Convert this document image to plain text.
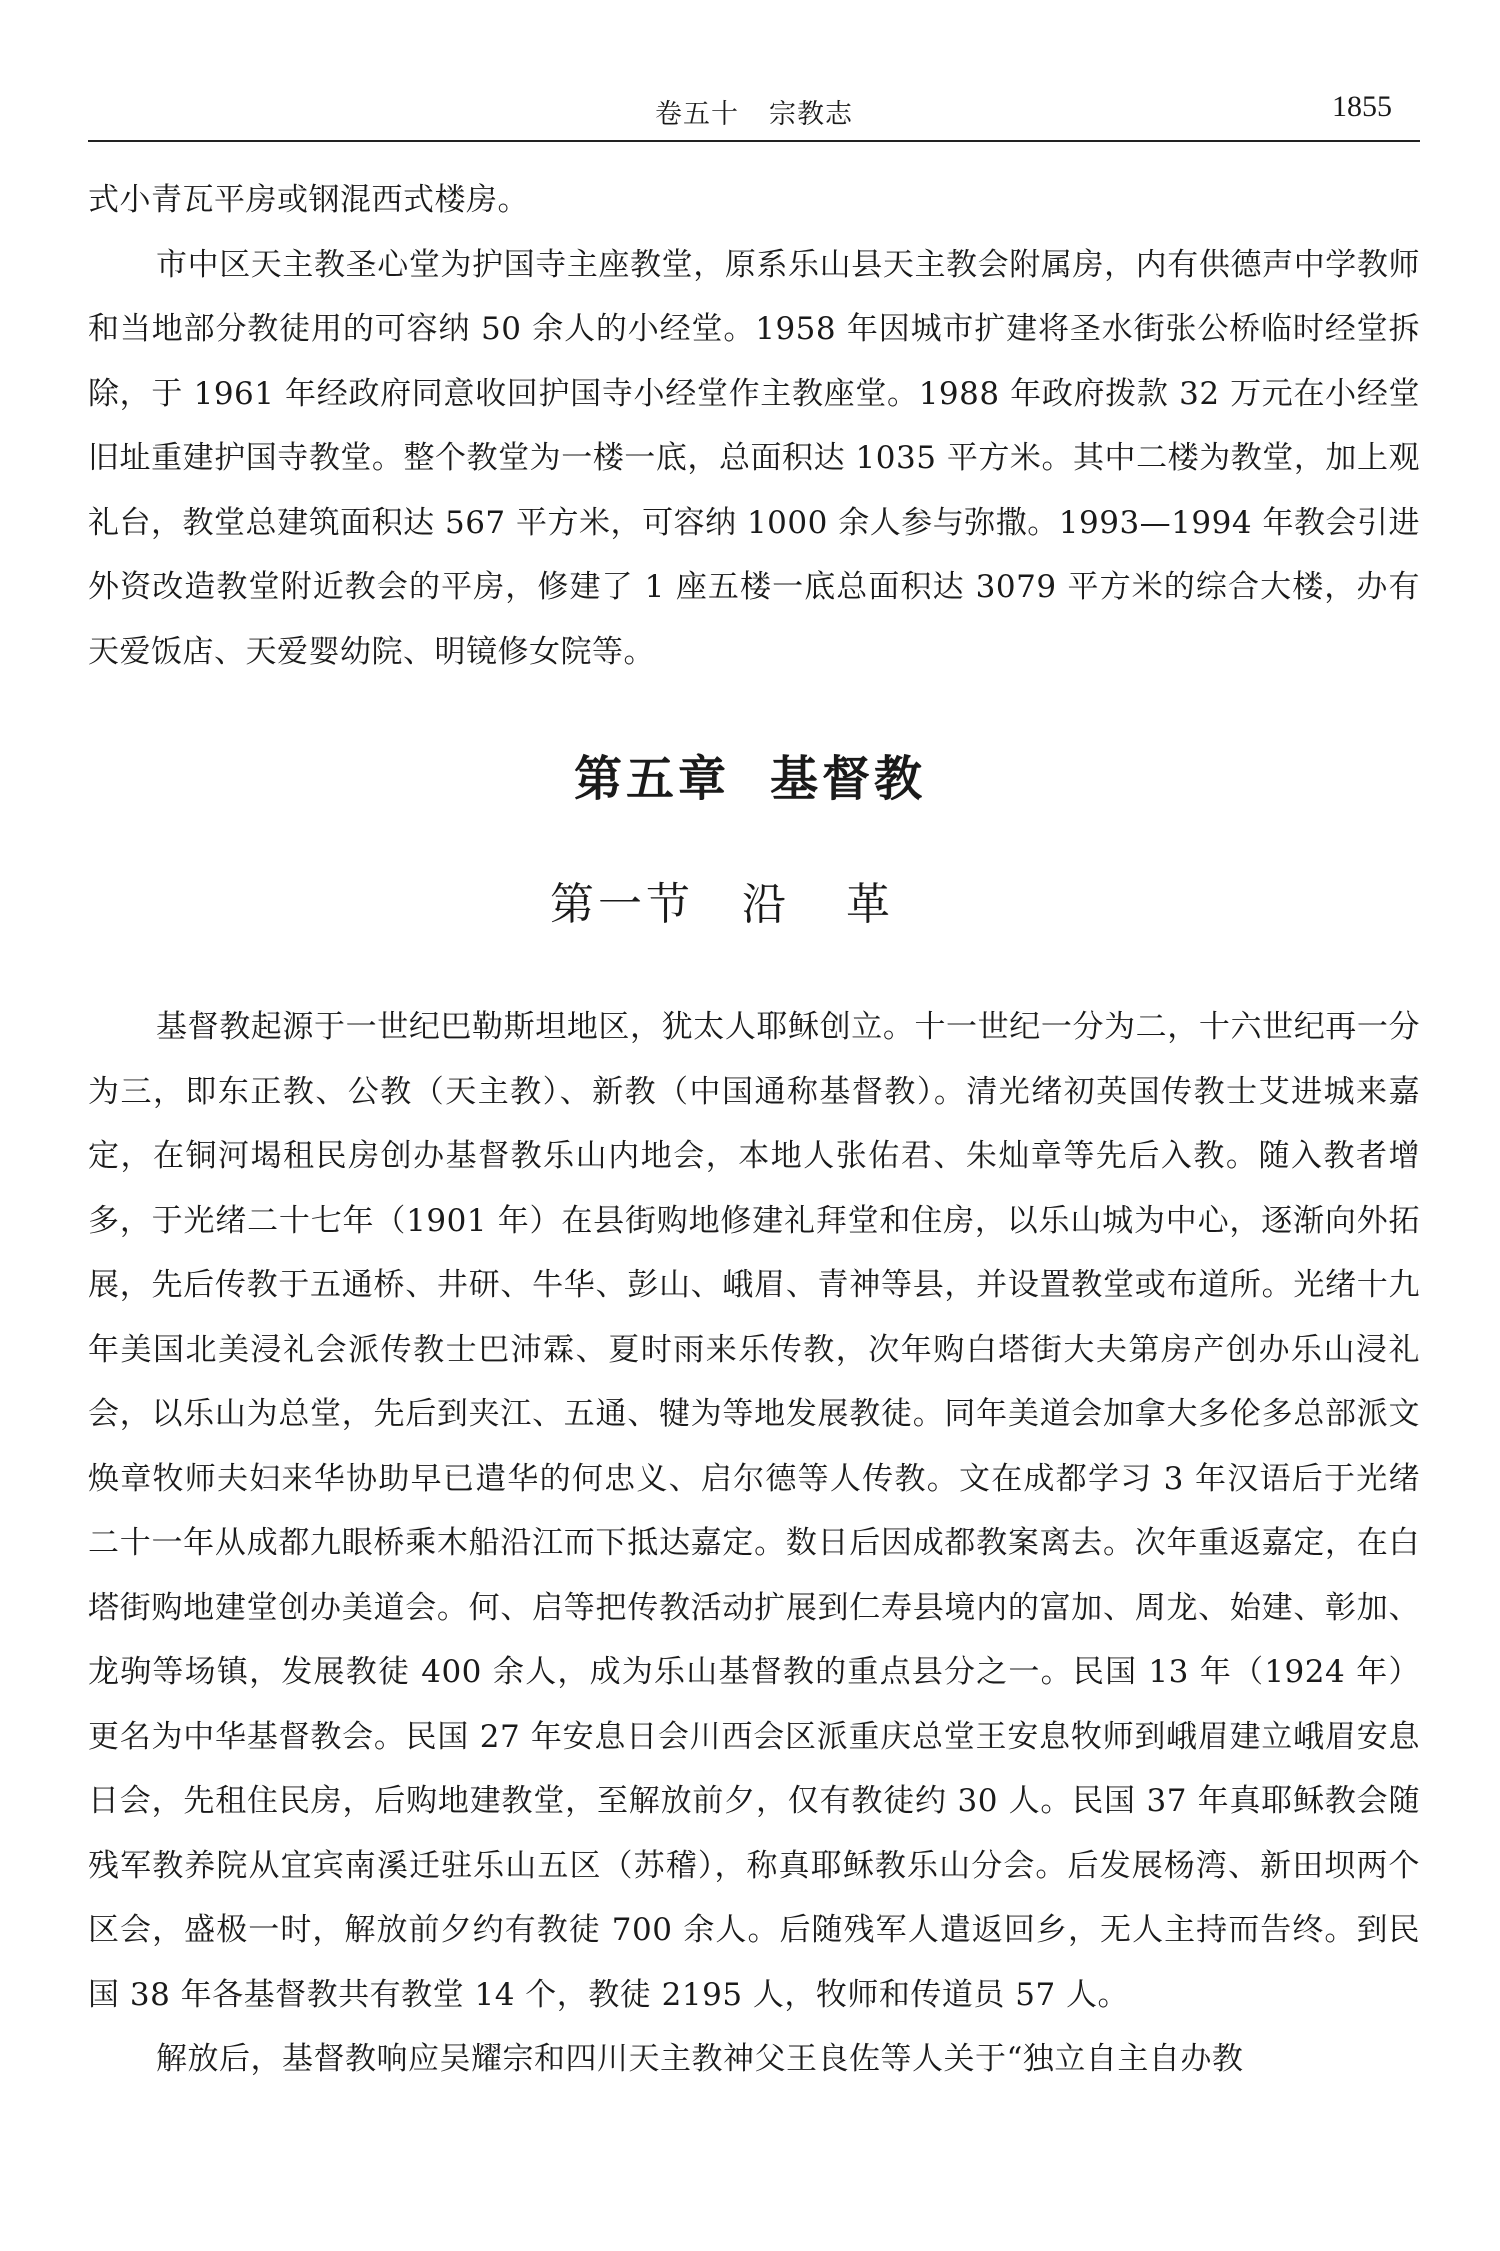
卷五十 宗教志	1855

式小青瓦平房或钢混西式楼房。

市中区天主教圣心堂为护国寺主座教堂，原系乐山县天主教会附属房，内有供德声中学教师和当地部分教徒用的可容纳 50 余人的小经堂。1958 年因城市扩建将圣水街张公桥临时经堂拆除，于 1961 年经政府同意收回护国寺小经堂作主教座堂。1988 年政府拨款 32 万元在小经堂旧址重建护国寺教堂。整个教堂为一楼一底，总面积达 1035 平方米。其中二楼为教堂，加上观礼台，教堂总建筑面积达 567 平方米，可容纳 1000 余人参与弥撒。1993—1994 年教会引进外资改造教堂附近教会的平房，修建了 1 座五楼一底总面积达 3079 平方米的综合大楼，办有天爱饭店、天爱婴幼院、明镜修女院等。

第五章 基督教
第一节 沿革

基督教起源于一世纪巴勒斯坦地区，犹太人耶稣创立。十一世纪一分为二，十六世纪再一分为三，即东正教、公教（天主教）、新教（中国通称基督教）。清光绪初英国传教士艾进城来嘉定，在铜河堨租民房创办基督教乐山内地会，本地人张佑君、朱灿章等先后入教。随入教者增多，于光绪二十七年（1901 年）在县街购地修建礼拜堂和住房，以乐山城为中心，逐渐向外拓展，先后传教于五通桥、井研、牛华、彭山、峨眉、青神等县，并设置教堂或布道所。光绪十九年美国北美浸礼会派传教士巴沛霖、夏时雨来乐传教，次年购白塔街大夫第房产创办乐山浸礼会，以乐山为总堂，先后到夹江、五通、犍为等地发展教徒。同年美道会加拿大多伦多总部派文焕章牧师夫妇来华协助早已遣华的何忠义、启尔德等人传教。文在成都学习 3 年汉语后于光绪二十一年从成都九眼桥乘木船沿江而下抵达嘉定。数日后因成都教案离去。次年重返嘉定，在白塔街购地建堂创办美道会。何、启等把传教活动扩展到仁寿县境内的富加、周龙、始建、彰加、龙驹等场镇，发展教徒 400 余人，成为乐山基督教的重点县分之一。民国 13 年（1924 年）更名为中华基督教会。民国 27 年安息日会川西会区派重庆总堂王安息牧师到峨眉建立峨眉安息日会，先租住民房，后购地建教堂，至解放前夕，仅有教徒约 30 人。民国 37 年真耶稣教会随残军教养院从宜宾南溪迁驻乐山五区（苏稽），称真耶稣教乐山分会。后发展杨湾、新田坝两个区会，盛极一时，解放前夕约有教徒 700 余人。后随残军人遣返回乡，无人主持而告终。到民国 38 年各基督教共有教堂 14 个，教徒 2195 人，牧师和传道员 57 人。

解放后，基督教响应吴耀宗和四川天主教神父王良佐等人关于“独立自主自办教
